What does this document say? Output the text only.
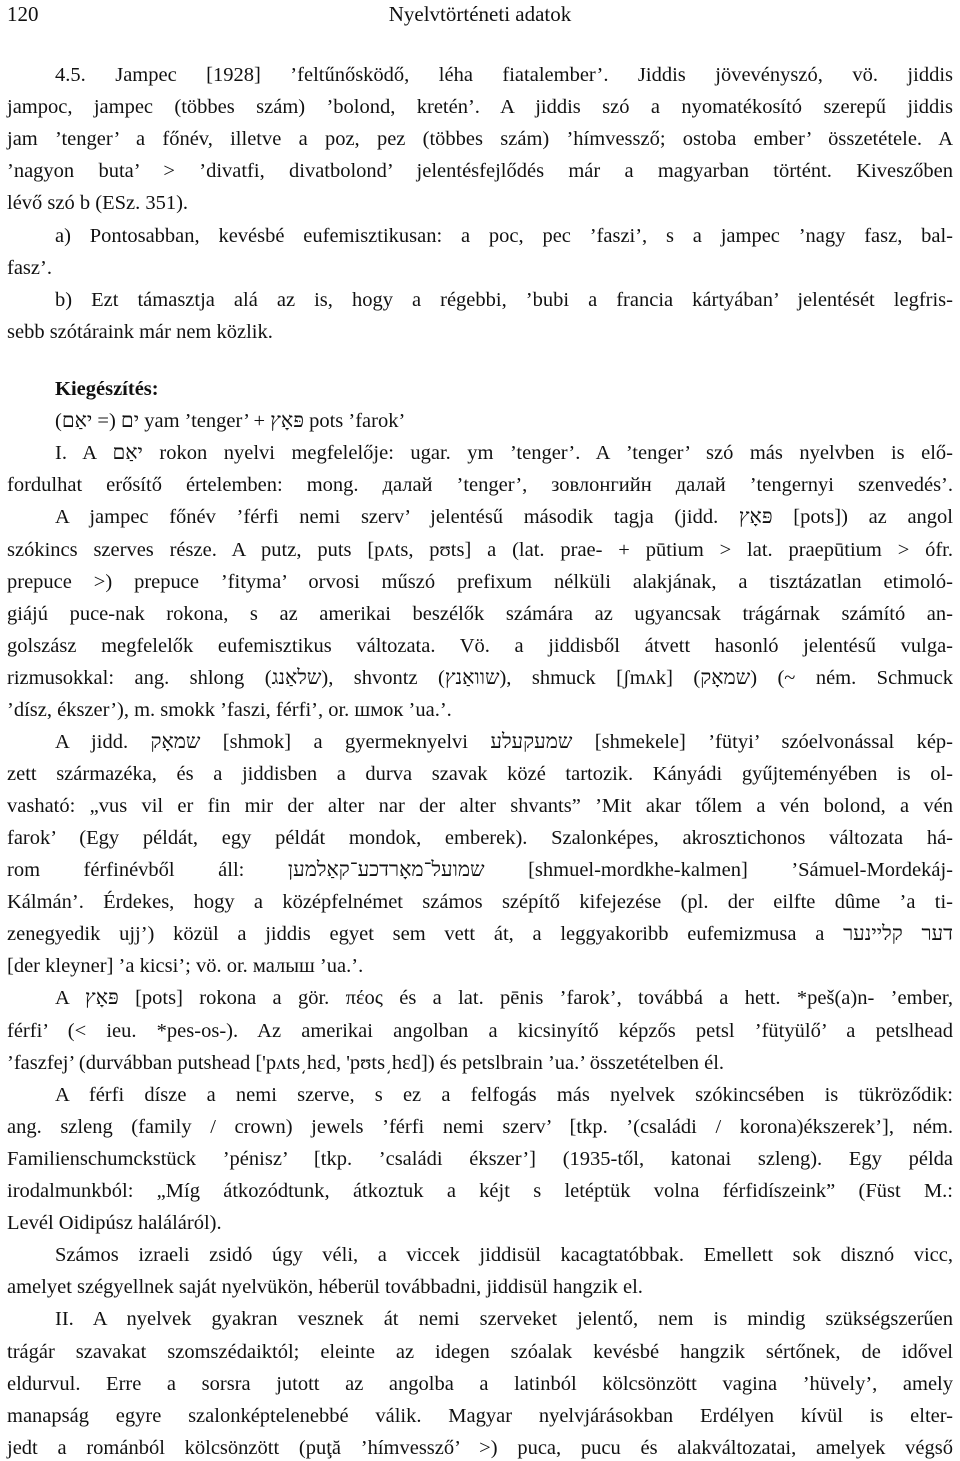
120	Nyelvtörténeti adatok
4.5. Jampec [1928] ’feltűnősködő, léha fiatalember’. Jiddis jövevényszó, vö. jiddis
jampoc, jampec (többes szám) ’bolond, kretén’. A jiddis szó a nyomatékosító szerepű jiddis
jam ’tenger’ a főnév, illetve a poz, pez (többes szám) ’hímvessző; ostoba ember’ összetétele. A
’nagyon buta’ > ’divatfi, divatbolond’ jelentésfejlődés már a magyarban történt. Kiveszőben
lévő szó b (ESz. 351).
a) Pontosabban, kevésbé eufemisztikusan: a poc, pec ’faszi’, s a jampec ’nagy fasz, bal-
fasz’.
b) Ezt támasztja alá az is, hogy a régebbi, ’bubi a francia kártyában’ jelentését legfris-
sebb szótáraink már nem közlik.
ים (= יאַם) yam ’tenger’ + פּאָץ pots ’farok’
I. A יאַם rokon nyelvi megfelelője: ugar. ym ’tenger’. A ’tenger’ szó más nyelvben is elő-
fordulhat erősítő értelemben: mong. далай ’tenger’, зовлонгийн далай ’tengernyi szenvedés’.
A jampec főnév ’férfi nemi szerv’ jelentésű második tagja (jidd. פּאָץ [pots]) az angol
szókincs szerves része. A putz, puts [pʌts, pʊts] a (lat. prae- + pūtium > lat. praepūtium > ófr.
prepuce >) prepuce ’fityma’ orvosi műszó prefixum nélküli alakjának, a tisztázatlan etimoló-
giájú puce-nak rokona, s az amerikai beszélők számára az ugyancsak trágárnak számító an-
golszász megfelelők eufemisztikus változata. Vö. a jiddisből átvett hasonló jelentésű vulga-
rizmusokkal: ang. shlong (שלאַנג), shvontz (שוואַנץ), shmuck [ʃmʌk] (שמאָק) (~ ném. Schmuck
’dísz, ékszer’), m. smokk ’faszi, férfi’, or. шмок ’ua.’.
A jidd. שמאָק [shmok] a gyermeknyelvi שמעקעלע [shmekele] ’fütyi’ szóelvonással kép-
zett származéka, és a jiddisben a durva szavak közé tartozik. Kányádi gyűjteményében is ol-
vasható: „vus vil er fin mir der alter nar der alter shvants” ’Mit akar tőlem a vén bolond, a vén
farok’ (Egy példát, egy példát mondok, emberek). Szalonképes, akrosztichonos változata há-
rom férfinévből áll: שמועל־מאָרדכע־קאַלמען [shmuel-mordkhe-kalmen] ’Sámuel-Mordekáj-
Kálmán’. Érdekes, hogy a középfelnémet számos szépítő kifejezése (pl. der eilfte dûme ’a ti-
zenegyedik ujj’) közül a jiddis egyet sem vett át, a leggyakoribb eufemizmusa a דער קליינער
[der kleyner] ’a kicsi’; vö. or. малыш ’ua.’.
A פּאָץ [pots] rokona a gör. πέος és a lat. pēnis ’farok’, továbbá a hett. *peš(a)n- ’ember,
férfi’ (< ieu. *pes-os-). Az amerikai angolban a kicsinyítő képzős petsl ’fütyülő’ a petslhead
’faszfej’ (durvábban putshead ['pʌts͵hɛd, 'pʊts͵hɛd]) és petslbrain ’ua.’ összetételben él.
A férfi dísze a nemi szerve, s ez a felfogás más nyelvek szókincsében is tükröződik:
ang. szleng (family / crown) jewels ’férfi nemi szerv’ [tkp. ’(családi / korona)ékszerek’], ném.
Familienschumckstück ’pénisz’ [tkp. ’családi ékszer’] (1935-től, katonai szleng). Egy példa
irodalmunkból: „Míg átkozódtunk, átkoztuk a kéjt s letéptük volna férfidíszeink” (Füst M.:
Levél Oidipúsz haláláról).
Számos izraeli zsidó úgy véli, a viccek jiddisül kacagtatóbbak. Emellett sok disznó vicc,
amelyet szégyellnek saját nyelvükön, héberül továbbadni, jiddisül hangzik el.
II. A nyelvek gyakran vesznek át nemi szerveket jelentő, nem is mindig szükségszerűen
trágár szavakat szomszédaiktól; eleinte az idegen szóalak kevésbé hangzik sértőnek, de idővel
eldurvul. Erre a sorsra jutott az angolba a latinból kölcsönzött vagina ’hüvely’, amely
manapság egyre szalonképtelenebbé válik. Magyar nyelvjárásokban Erdélyen kívül is elter-
jedt a románból kölcsönzött (puţă ’hímvessző’ >) puca, pucu és alakváltozatai, amelyek végső
Kiegészítés:
